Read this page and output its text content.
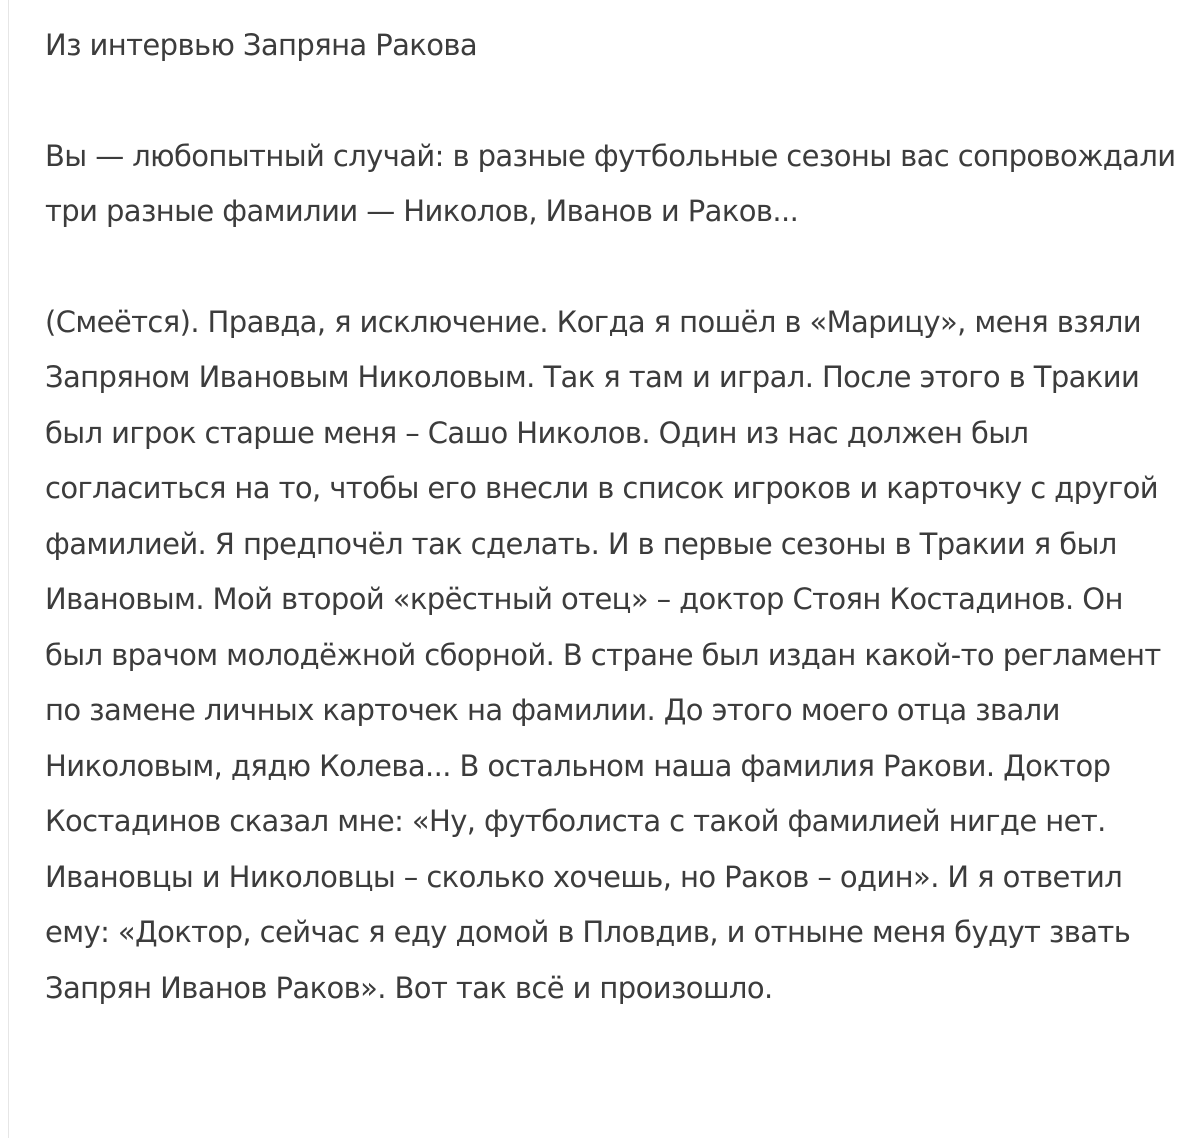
Из интервью Запряна Ракова

Вы — любопытный случай: в разные футбольные сезоны вас сопровождали три разные фамилии — Николов, Иванов и Раков...

(Смеётся). Правда, я исключение. Когда я пошёл в «Марицу», меня взяли Запряном Ивановым Николовым. Так я там и играл. После этого в Тракии был игрок старше меня – Сашо Николов. Один из нас должен был согласиться на то, чтобы его внесли в список игроков и карточку с другой фамилией. Я предпочёл так сделать. И в первые сезоны в Тракии я был Ивановым. Мой второй «крёстный отец» – доктор Стоян Костадинов. Он был врачом молодёжной сборной. В стране был издан какой-то регламент по замене личных карточек на фамилии. До этого моего отца звали Николовым, дядю Колева... В остальном наша фамилия Ракови. Доктор Костадинов сказал мне: «Ну, футболиста с такой фамилией нигде нет. Ивановцы и Николовцы – сколько хочешь, но Раков – один». И я ответил ему: «Доктор, сейчас я еду домой в Пловдив, и отныне меня будут звать Запрян Иванов Раков». Вот так всё и произошло.
